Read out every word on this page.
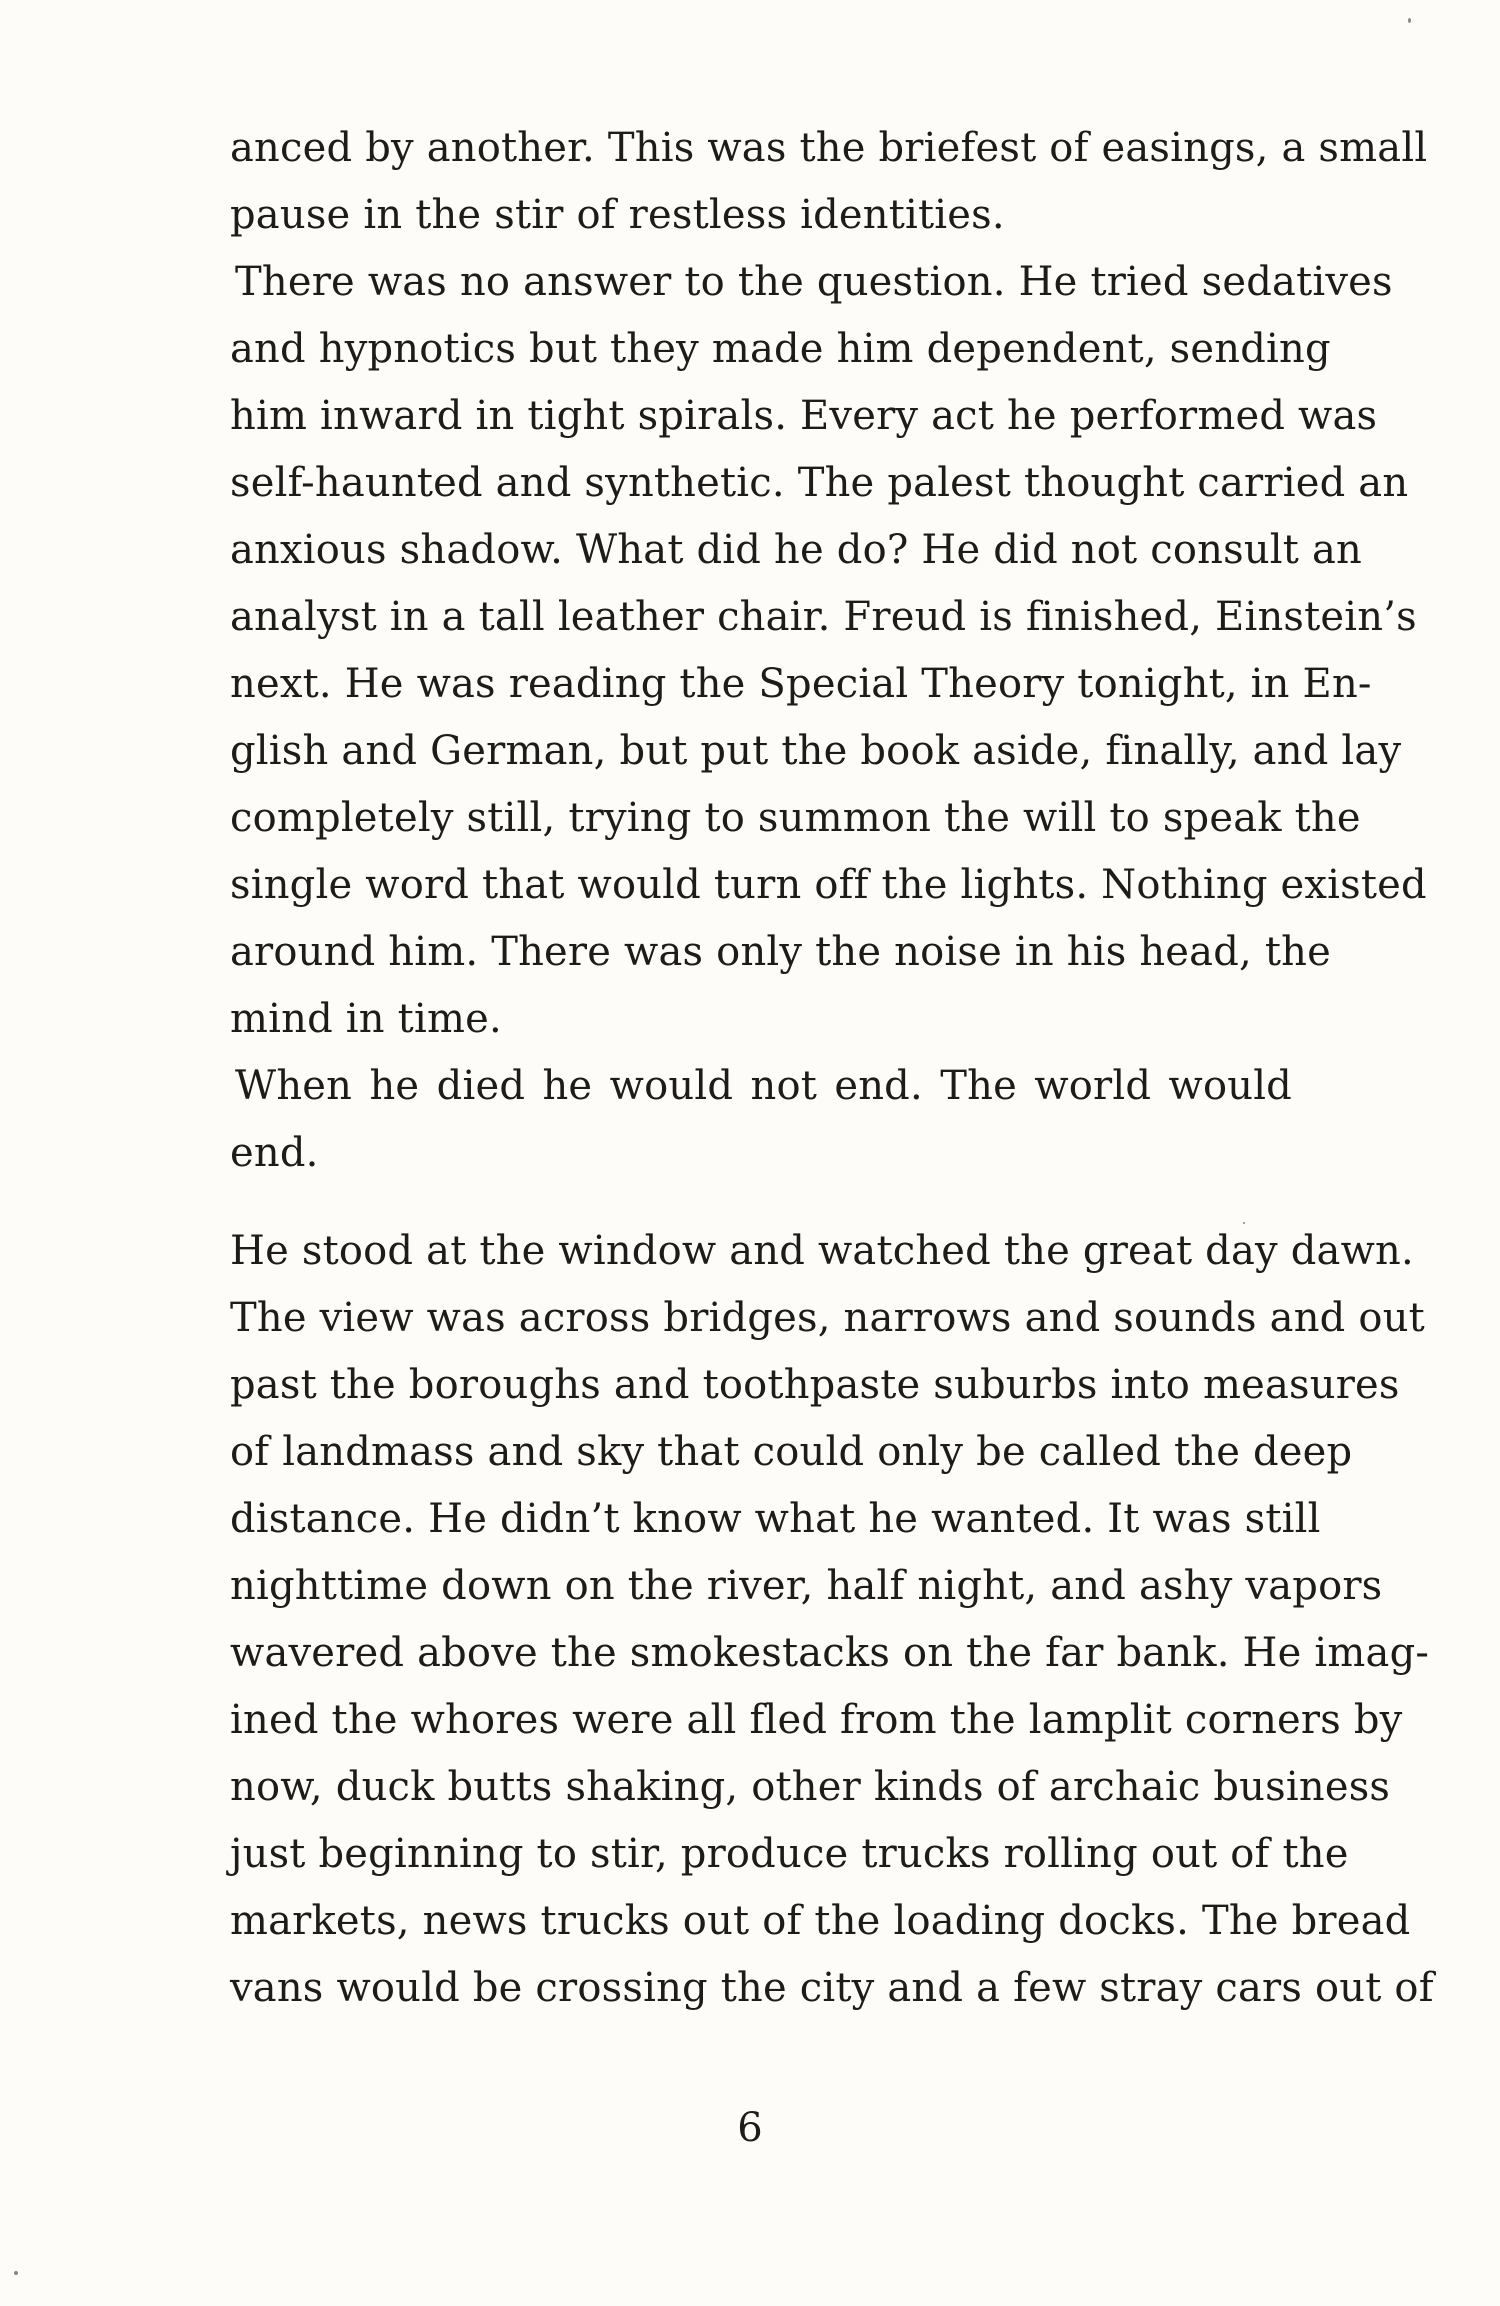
anced by another. This was the briefest of easings, a small
pause in the stir of restless identities.
There was no answer to the question. He tried sedatives
and hypnotics but they made him dependent, sending
him inward in tight spirals. Every act he performed was
self-haunted and synthetic. The palest thought carried an
anxious shadow. What did he do? He did not consult an
analyst in a tall leather chair. Freud is finished, Einstein’s
next. He was reading the Special Theory tonight, in En-
glish and German, but put the book aside, finally, and lay
completely still, trying to summon the will to speak the
single word that would turn off the lights. Nothing existed
around him. There was only the noise in his head, the
mind in time.
When he died he would not end. The world would
end.
He stood at the window and watched the great day dawn.
The view was across bridges, narrows and sounds and out
past the boroughs and toothpaste suburbs into measures
of landmass and sky that could only be called the deep
distance. He didn’t know what he wanted. It was still
nighttime down on the river, half night, and ashy vapors
wavered above the smokestacks on the far bank. He imag-
ined the whores were all fled from the lamplit corners by
now, duck butts shaking, other kinds of archaic business
just beginning to stir, produce trucks rolling out of the
markets, news trucks out of the loading docks. The bread
vans would be crossing the city and a few stray cars out of
6
